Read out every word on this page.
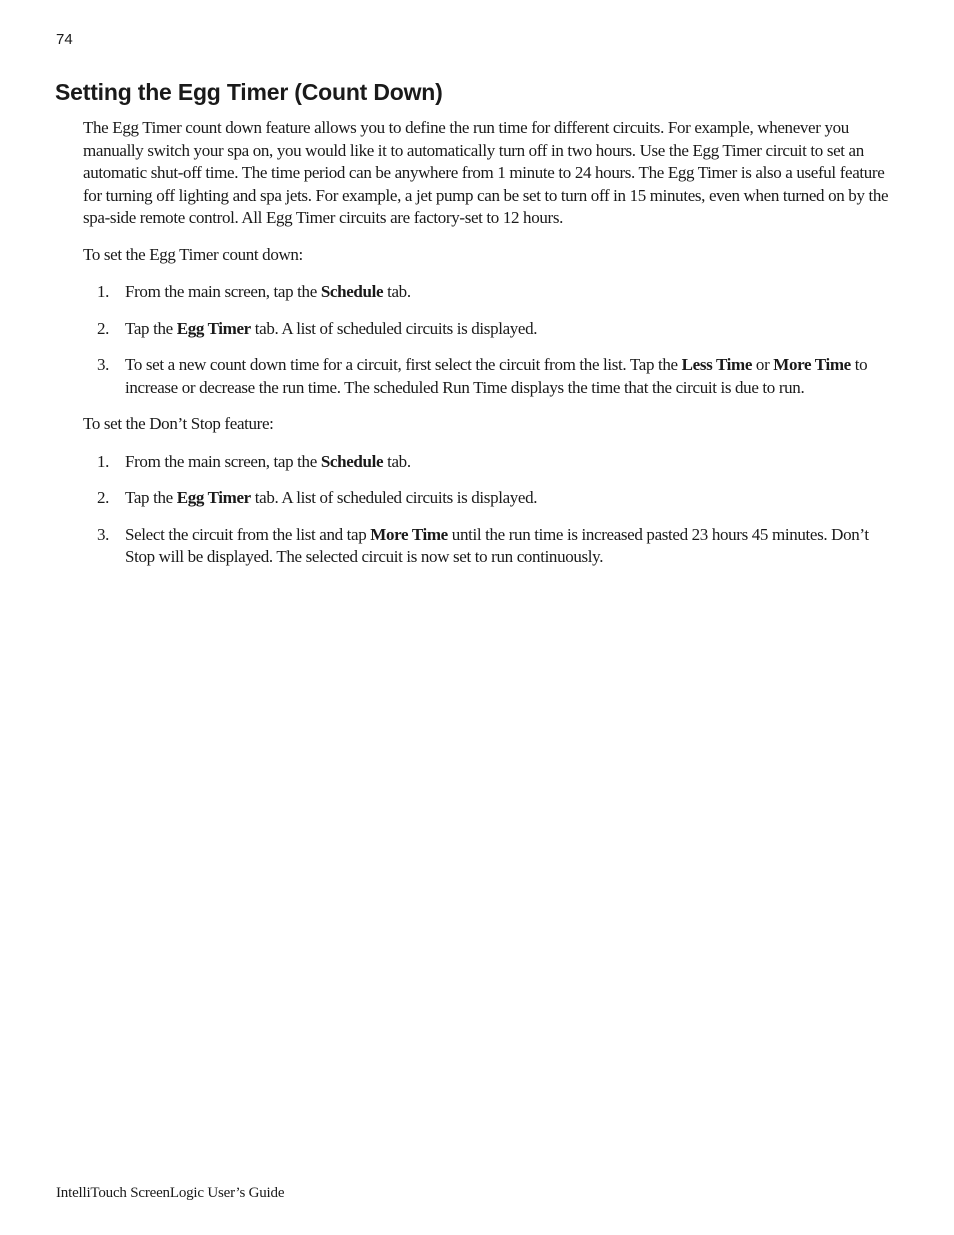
74
Setting the Egg Timer (Count Down)

The Egg Timer count down feature allows you to define the run time for different circuits. For example, whenever you manually switch your spa on, you would like it to automatically turn off in two hours. Use the Egg Timer circuit to set an automatic shut-off time. The time period can be anywhere from 1 minute to 24 hours. The Egg Timer is also a useful feature for turning off lighting and spa jets. For example, a jet pump can be set to turn off in 15 minutes, even when turned on by the spa-side remote control. All Egg Timer circuits are factory-set to 12 hours.

To set the Egg Timer count down:

1. From the main screen, tap the Schedule tab.
2. Tap the Egg Timer tab. A list of scheduled circuits is displayed.
3. To set a new count down time for a circuit, first select the circuit from the list. Tap the Less Time or More Time to increase or decrease the run time. The scheduled Run Time displays the time that the circuit is due to run.

To set the Don’t Stop feature:

1. From the main screen, tap the Schedule tab.
2. Tap the Egg Timer tab. A list of scheduled circuits is displayed.
3. Select the circuit from the list and tap More Time until the run time is increased pasted 23 hours 45 minutes. Don’t Stop will be displayed. The selected circuit is now set to run continuously.
IntelliTouch ScreenLogic User’s Guide
